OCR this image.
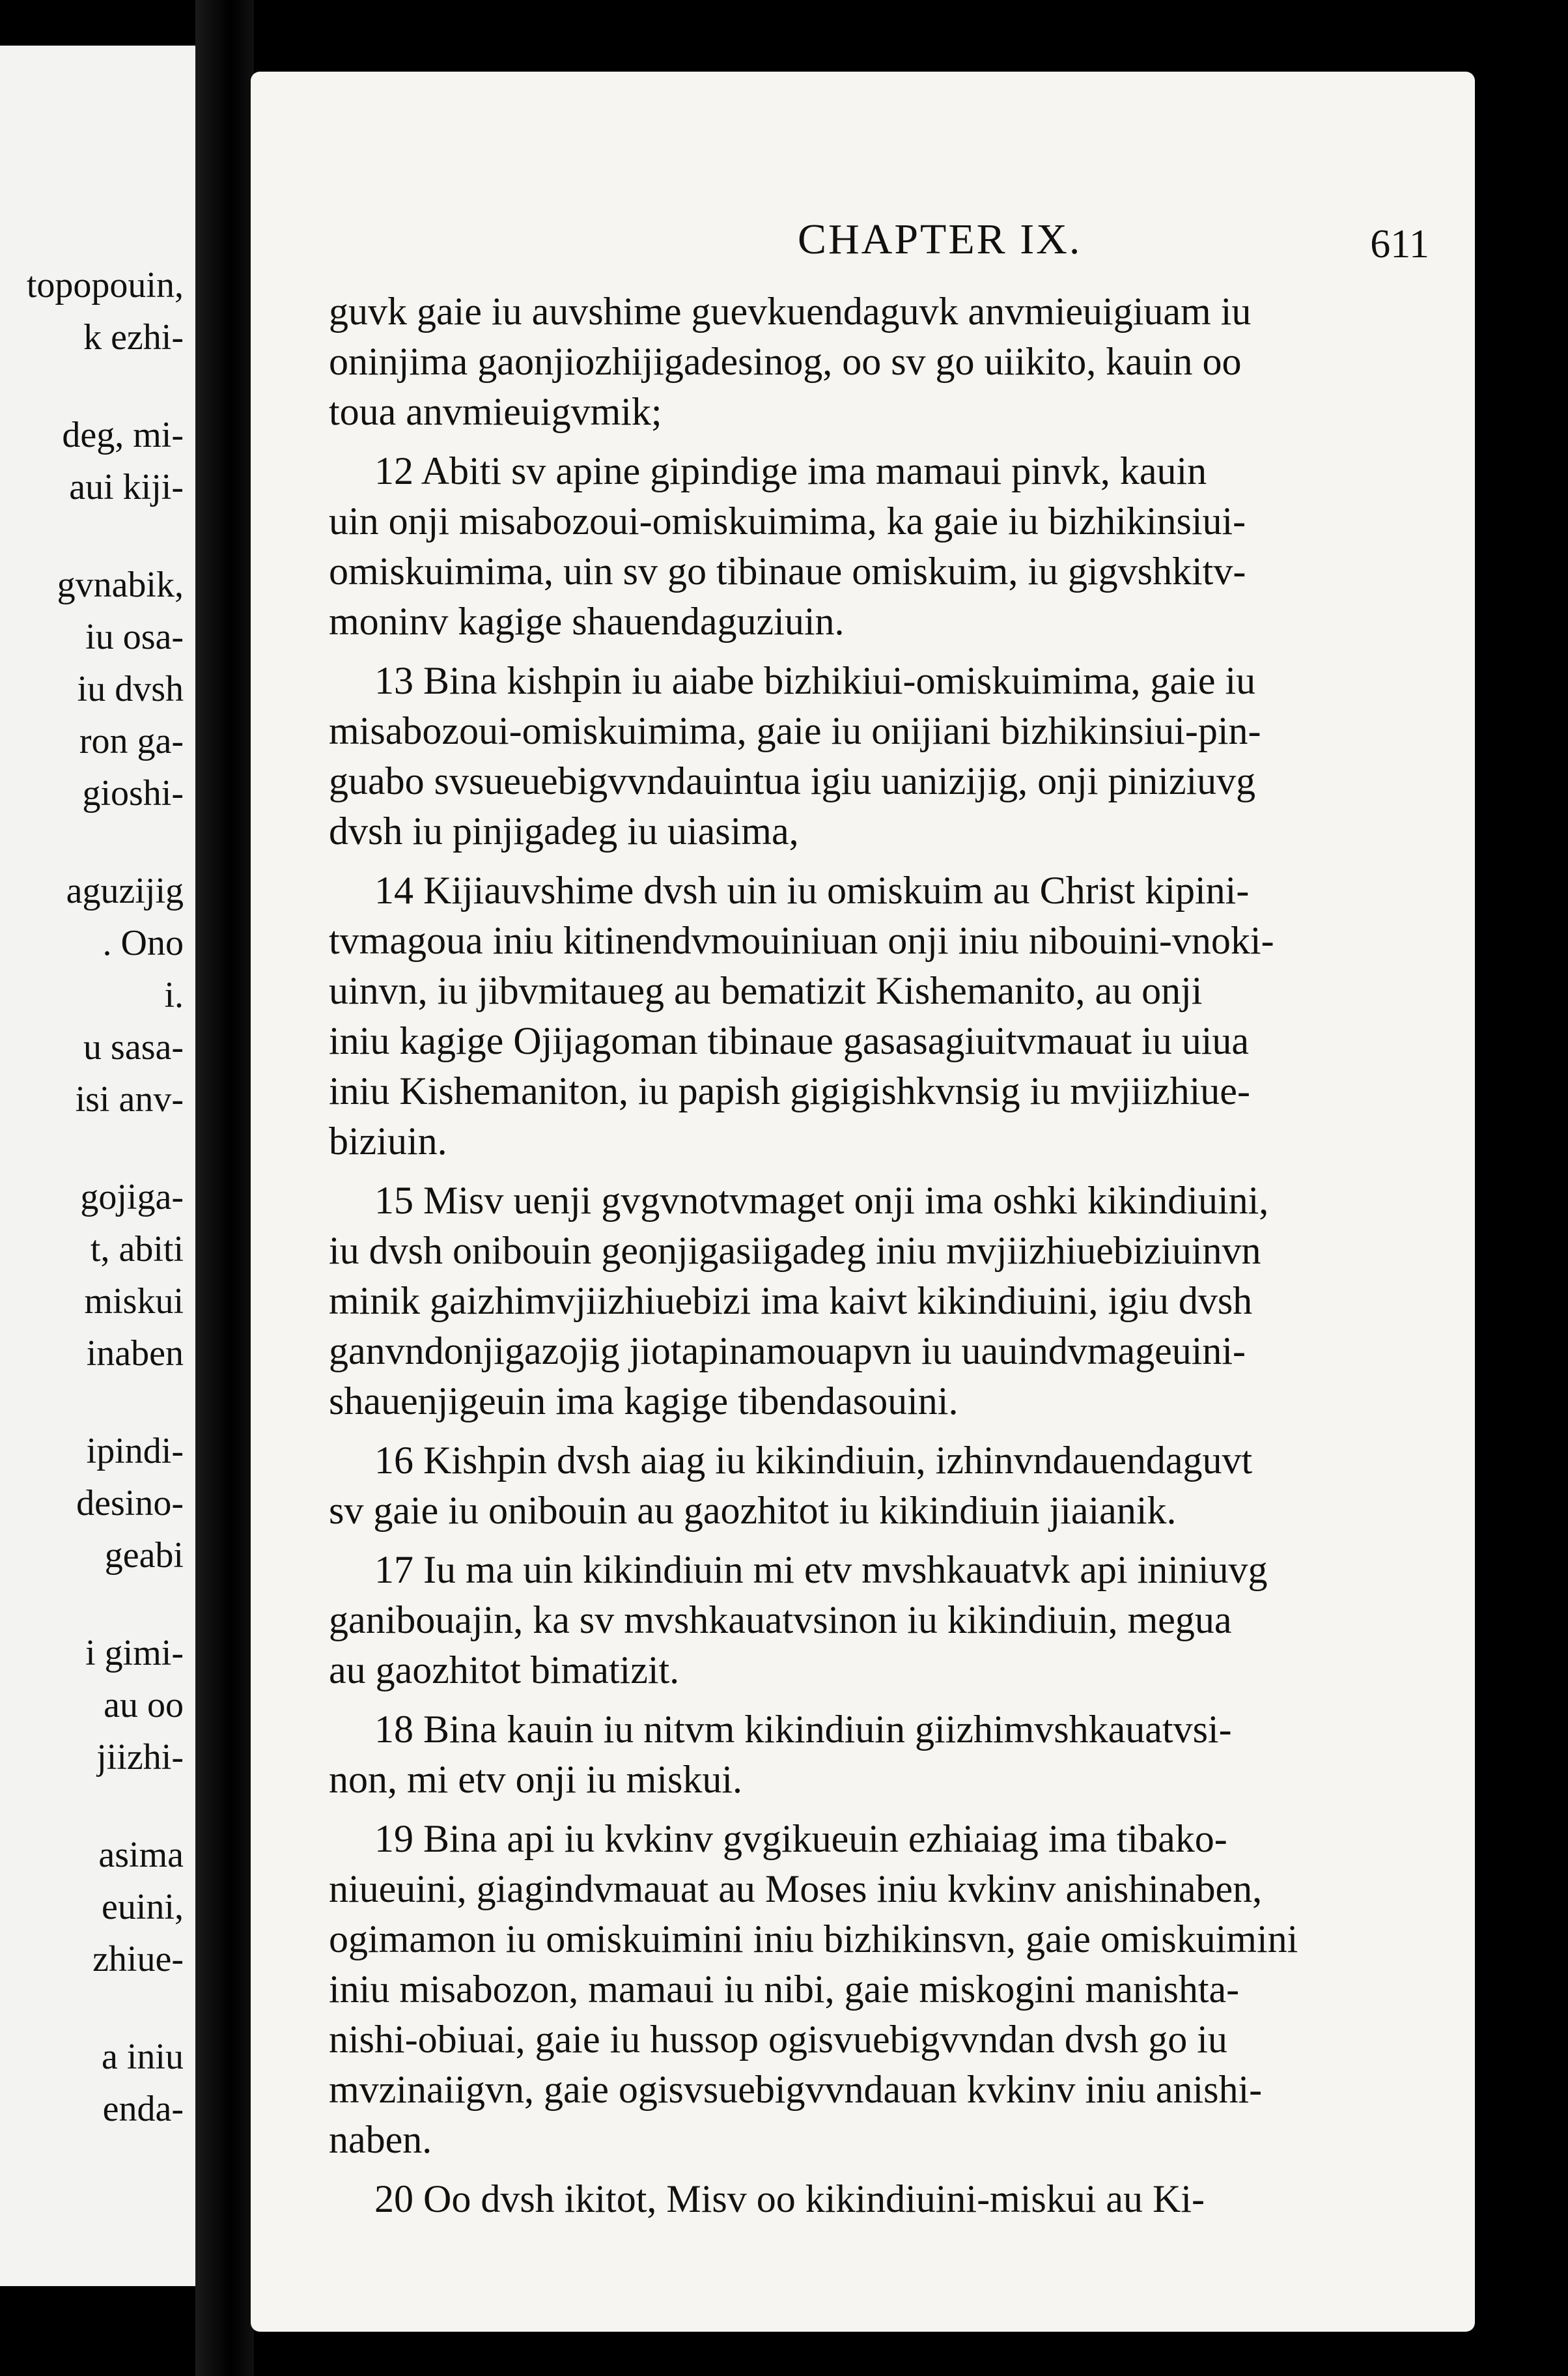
topopouin,
k ezhi-
deg, mi-
aui kiji-
gvnabik,
iu osa-
iu dvsh
ron ga-
gioshi-
aguzijig
. Ono
i.
u sasa-
isi anv-
gojiga-
t, abiti
miskui
inaben
ipindi-
desino-
geabi
i gimi-
au oo
jiizhi-
asima
euini,
zhiue-
a iniu
enda-
CHAPTER IX.	611
guvk gaie iu auvshime guevkuendaguvk anvmieuigiuam iu
oninjima gaonjiozhijigadesinog, oo sv go uiikito, kauin oo
toua anvmieuigvmik;
12 Abiti sv apine gipindige ima mamaui pinvk, kauin
uin onji misabozoui-omiskuimima, ka gaie iu bizhikinsiui-
omiskuimima, uin sv go tibinaue omiskuim, iu gigvshkitv-
moninv kagige shauendaguziuin.
13 Bina kishpin iu aiabe bizhikiui-omiskuimima, gaie iu
misabozoui-omiskuimima, gaie iu onijiani bizhikinsiui-pin-
guabo svsueuebigvvndauintua igiu uanizijig, onji piniziuvg
dvsh iu pinjigadeg iu uiasima,
14 Kijiauvshime dvsh uin iu omiskuim au Christ kipini-
tvmagoua iniu kitinendvmouiniuan onji iniu nibouini-vnoki-
uinvn, iu jibvmitaueg au bematizit Kishemanito, au onji
iniu kagige Ojijagoman tibinaue gasasagiuitvmauat iu uiua
iniu Kishemaniton, iu papish gigigishkvnsig iu mvjiizhiue-
biziuin.
15 Misv uenji gvgvnotvmaget onji ima oshki kikindiuini,
iu dvsh onibouin geonjigasiigadeg iniu mvjiizhiuebiziuinvn
minik gaizhimvjiizhiuebizi ima kaivt kikindiuini, igiu dvsh
ganvndonjigazojig jiotapinamouapvn iu uauindvmageuini-
shauenjigeuin ima kagige tibendasouini.
16 Kishpin dvsh aiag iu kikindiuin, izhinvndauendaguvt
sv gaie iu onibouin au gaozhitot iu kikindiuin jiaianik.
17 Iu ma uin kikindiuin mi etv mvshkauatvk api ininiuvg
ganibouajin, ka sv mvshkauatvsinon iu kikindiuin, megua
au gaozhitot bimatizit.
18 Bina kauin iu nitvm kikindiuin giizhimvshkauatvsi-
non, mi etv onji iu miskui.
19 Bina api iu kvkinv gvgikueuin ezhiaiag ima tibako-
niueuini, giagindvmauat au Moses iniu kvkinv anishinaben,
ogimamon iu omiskuimini iniu bizhikinsvn, gaie omiskuimini
iniu misabozon, mamaui iu nibi, gaie miskogini manishta-
nishi-obiuai, gaie iu hussop ogisvuebigvvndan dvsh go iu
mvzinaiigvn, gaie ogisvsuebigvvndauan kvkinv iniu anishi-
naben.
20 Oo dvsh ikitot, Misv oo kikindiuini-miskui au Ki-
